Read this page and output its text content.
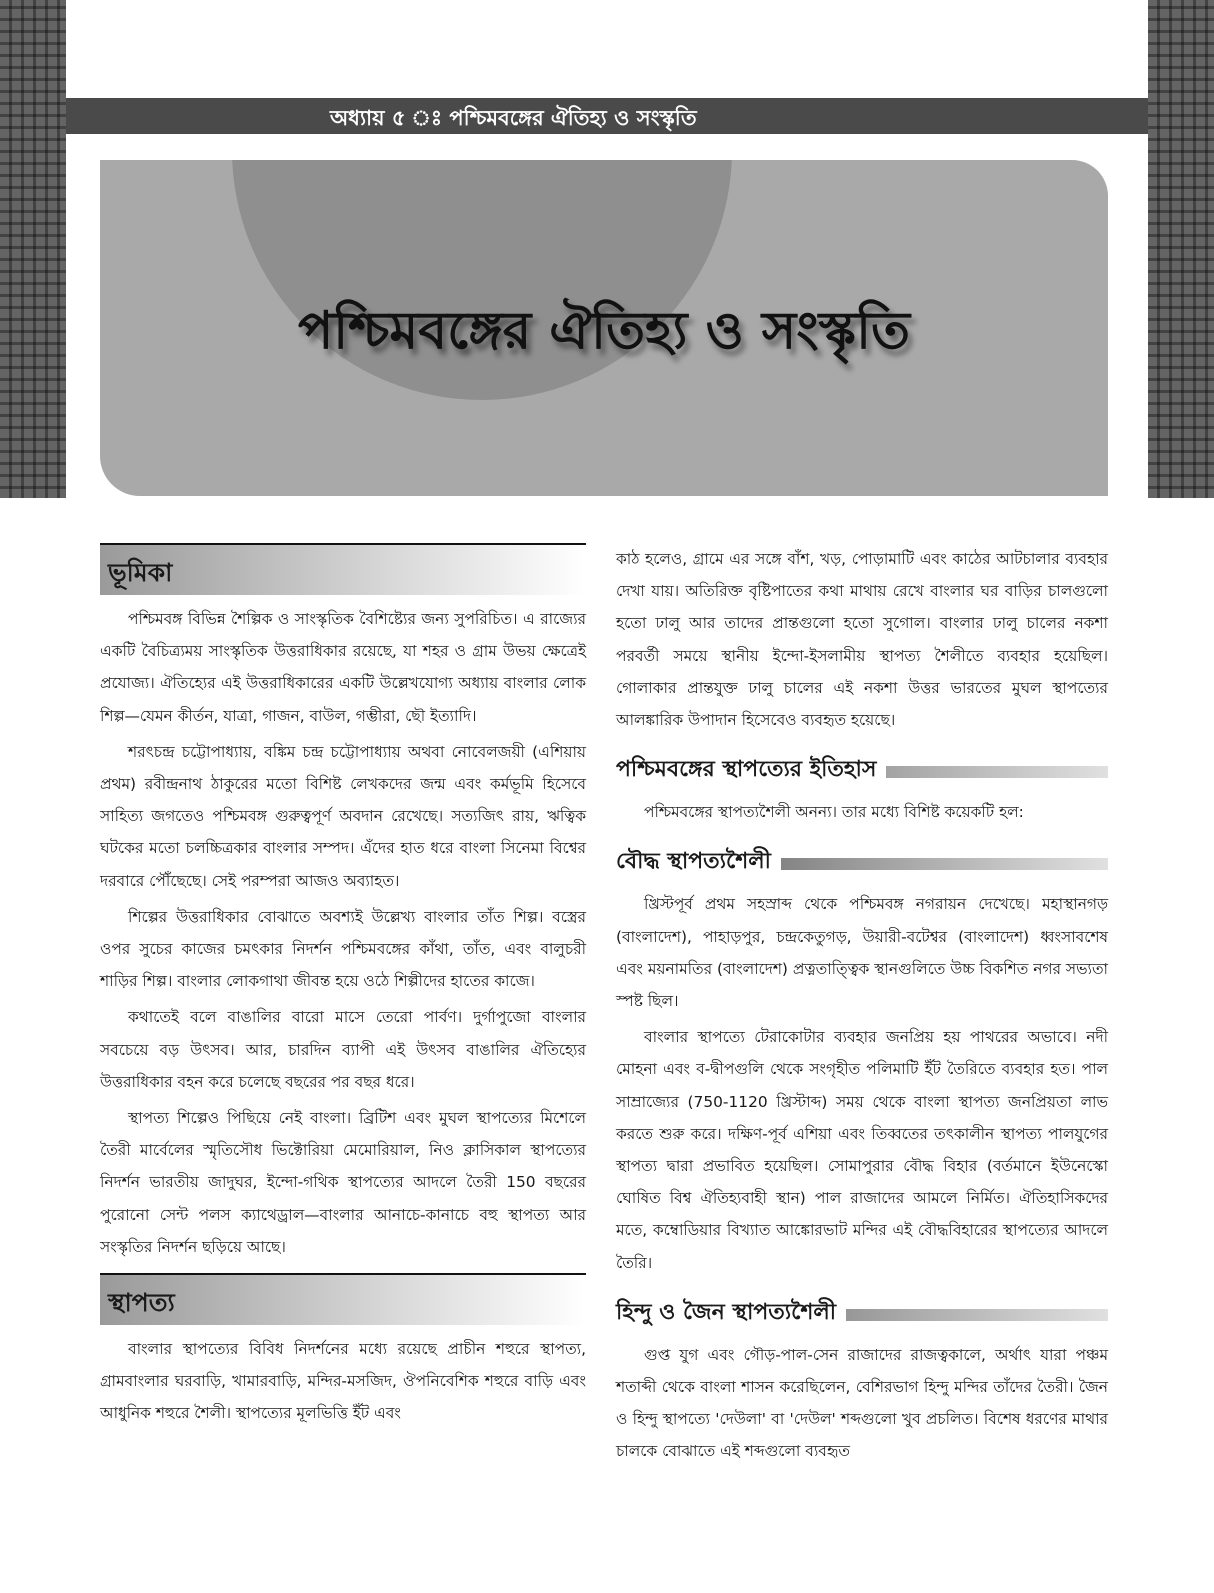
অধ্যায় ৫ ঃ পশ্চিমবঙ্গের ঐতিহ্য ও সংস্কৃতি
পশ্চিমবঙ্গের ঐতিহ্য ও সংস্কৃতি
ভূমিকা

পশ্চিমবঙ্গ বিভিন্ন শৈল্পিক ও সাংস্কৃতিক বৈশিষ্ট্যের জন্য সুপরিচিত। এ রাজ্যের একটি বৈচিত্র্যময় সাংস্কৃতিক উত্তরাধিকার রয়েছে, যা শহর ও গ্রাম উভয় ক্ষেত্রেই প্রযোজ্য। ঐতিহ্যের এই উত্তরাধিকারের একটি উল্লেখযোগ্য অধ্যায় বাংলার লোক শিল্প—যেমন কীর্তন, যাত্রা, গাজন, বাউল, গম্ভীরা, ছৌ ইত্যাদি।

শরৎচন্দ্র চট্টোপাধ্যায়, বঙ্কিম চন্দ্র চট্টোপাধ্যায় অথবা নোবেলজয়ী (এশিয়ায় প্রথম) রবীন্দ্রনাথ ঠাকুরের মতো বিশিষ্ট লেখকদের জন্ম এবং কর্মভূমি হিসেবে সাহিত্য জগতেও পশ্চিমবঙ্গ গুরুত্বপূর্ণ অবদান রেখেছে। সত্যজিৎ রায়, ঋত্বিক ঘটকের মতো চলচ্চিত্রকার বাংলার সম্পদ। এঁদের হাত ধরে বাংলা সিনেমা বিশ্বের দরবারে পৌঁছেছে। সেই পরম্পরা আজও অব্যাহত।

শিল্পের উত্তরাধিকার বোঝাতে অবশ্যই উল্লেখ্য বাংলার তাঁত শিল্প। বস্ত্রের ওপর সুচের কাজের চমৎকার নিদর্শন পশ্চিমবঙ্গের কাঁথা, তাঁত, এবং বালুচরী শাড়ির শিল্প। বাংলার লোকগাথা জীবন্ত হয়ে ওঠে শিল্পীদের হাতের কাজে।

কথাতেই বলে বাঙালির বারো মাসে তেরো পার্বণ। দুর্গাপুজো বাংলার সবচেয়ে বড় উৎসব। আর, চারদিন ব্যাপী এই উৎসব বাঙালির ঐতিহ্যের উত্তরাধিকার বহন করে চলেছে বছরের পর বছর ধরে।

স্থাপত্য শিল্পেও পিছিয়ে নেই বাংলা। ব্রিটিশ এবং মুঘল স্থাপত্যের মিশেলে তৈরী মার্বেলের স্মৃতিসৌধ ভিক্টোরিয়া মেমোরিয়াল, নিও ক্লাসিকাল স্থাপত্যের নিদর্শন ভারতীয় জাদুঘর, ইন্দো-গথিক স্থাপত্যের আদলে তৈরী 150 বছরের পুরোনো সেন্ট পলস ক্যাথেড্রাল—বাংলার আনাচে-কানাচে বহু স্থাপত্য আর সংস্কৃতির নিদর্শন ছড়িয়ে আছে।

স্থাপত্য

বাংলার স্থাপত্যের বিবিধ নিদর্শনের মধ্যে রয়েছে প্রাচীন শহুরে স্থাপত্য, গ্রামবাংলার ঘরবাড়ি, খামারবাড়ি, মন্দির-মসজিদ, ঔপনিবেশিক শহুরে বাড়ি এবং আধুনিক শহুরে শৈলী। স্থাপত্যের মূলভিত্তি ইঁট এবং

কাঠ হলেও, গ্রামে এর সঙ্গে বাঁশ, খড়, পোড়ামাটি এবং কাঠের আটচালার ব্যবহার দেখা যায়। অতিরিক্ত বৃষ্টিপাতের কথা মাথায় রেখে বাংলার ঘর বাড়ির চালগুলো হতো ঢালু আর তাদের প্রান্তগুলো হতো সুগোল। বাংলার ঢালু চালের নকশা পরবর্তী সময়ে স্থানীয় ইন্দো-ইসলামীয় স্থাপত্য শৈলীতে ব্যবহার হয়েছিল। গোলাকার প্রান্তযুক্ত ঢালু চালের এই নকশা উত্তর ভারতের মুঘল স্থাপত্যের আলঙ্কারিক উপাদান হিসেবেও ব্যবহৃত হয়েছে।

পশ্চিমবঙ্গের স্থাপত্যের ইতিহাস

পশ্চিমবঙ্গের স্থাপত্যশৈলী অনন্য। তার মধ্যে বিশিষ্ট কয়েকটি হল:

বৌদ্ধ স্থাপত্যশৈলী

খ্রিস্টপূর্ব প্রথম সহস্রাব্দ থেকে পশ্চিমবঙ্গ নগরায়ন দেখেছে। মহাস্থানগড় (বাংলাদেশ), পাহাড়পুর, চন্দ্রকেতুগড়, উয়ারী-বটেশ্বর (বাংলাদেশ) ধ্বংসাবশেষ এবং ময়নামতির (বাংলাদেশ) প্রত্নতাত্ত্বিক স্থানগুলিতে উচ্চ বিকশিত নগর সভ্যতা স্পষ্ট ছিল।

বাংলার স্থাপত্যে টেরাকোটার ব্যবহার জনপ্রিয় হয় পাথরের অভাবে। নদী মোহনা এবং ব-দ্বীপগুলি থেকে সংগৃহীত পলিমাটি ইঁট তৈরিতে ব্যবহার হত। পাল সাম্রাজ্যের (750-1120 খ্রিস্টাব্দ) সময় থেকে বাংলা স্থাপত্য জনপ্রিয়তা লাভ করতে শুরু করে। দক্ষিণ-পূর্ব এশিয়া এবং তিব্বতের তৎকালীন স্থাপত্য পালযুগের স্থাপত্য দ্বারা প্রভাবিত হয়েছিল। সোমাপুরার বৌদ্ধ বিহার (বর্তমানে ইউনেস্কো ঘোষিত বিশ্ব ঐতিহ্যবাহী স্থান) পাল রাজাদের আমলে নির্মিত। ঐতিহাসিকদের মতে, কম্বোডিয়ার বিখ্যাত আঙ্কোরভাট মন্দির এই বৌদ্ধবিহারের স্থাপত্যের আদলে তৈরি।

হিন্দু ও জৈন স্থাপত্যশৈলী

গুপ্ত যুগ এবং গৌড়-পাল-সেন রাজাদের রাজত্বকালে, অর্থাৎ যারা পঞ্চম শতাব্দী থেকে বাংলা শাসন করেছিলেন, বেশিরভাগ হিন্দু মন্দির তাঁদের তৈরী। জৈন ও হিন্দু স্থাপত্যে 'দেউলা' বা 'দেউল' শব্দগুলো খুব প্রচলিত। বিশেষ ধরণের মাথার চালকে বোঝাতে এই শব্দগুলো ব্যবহৃত
